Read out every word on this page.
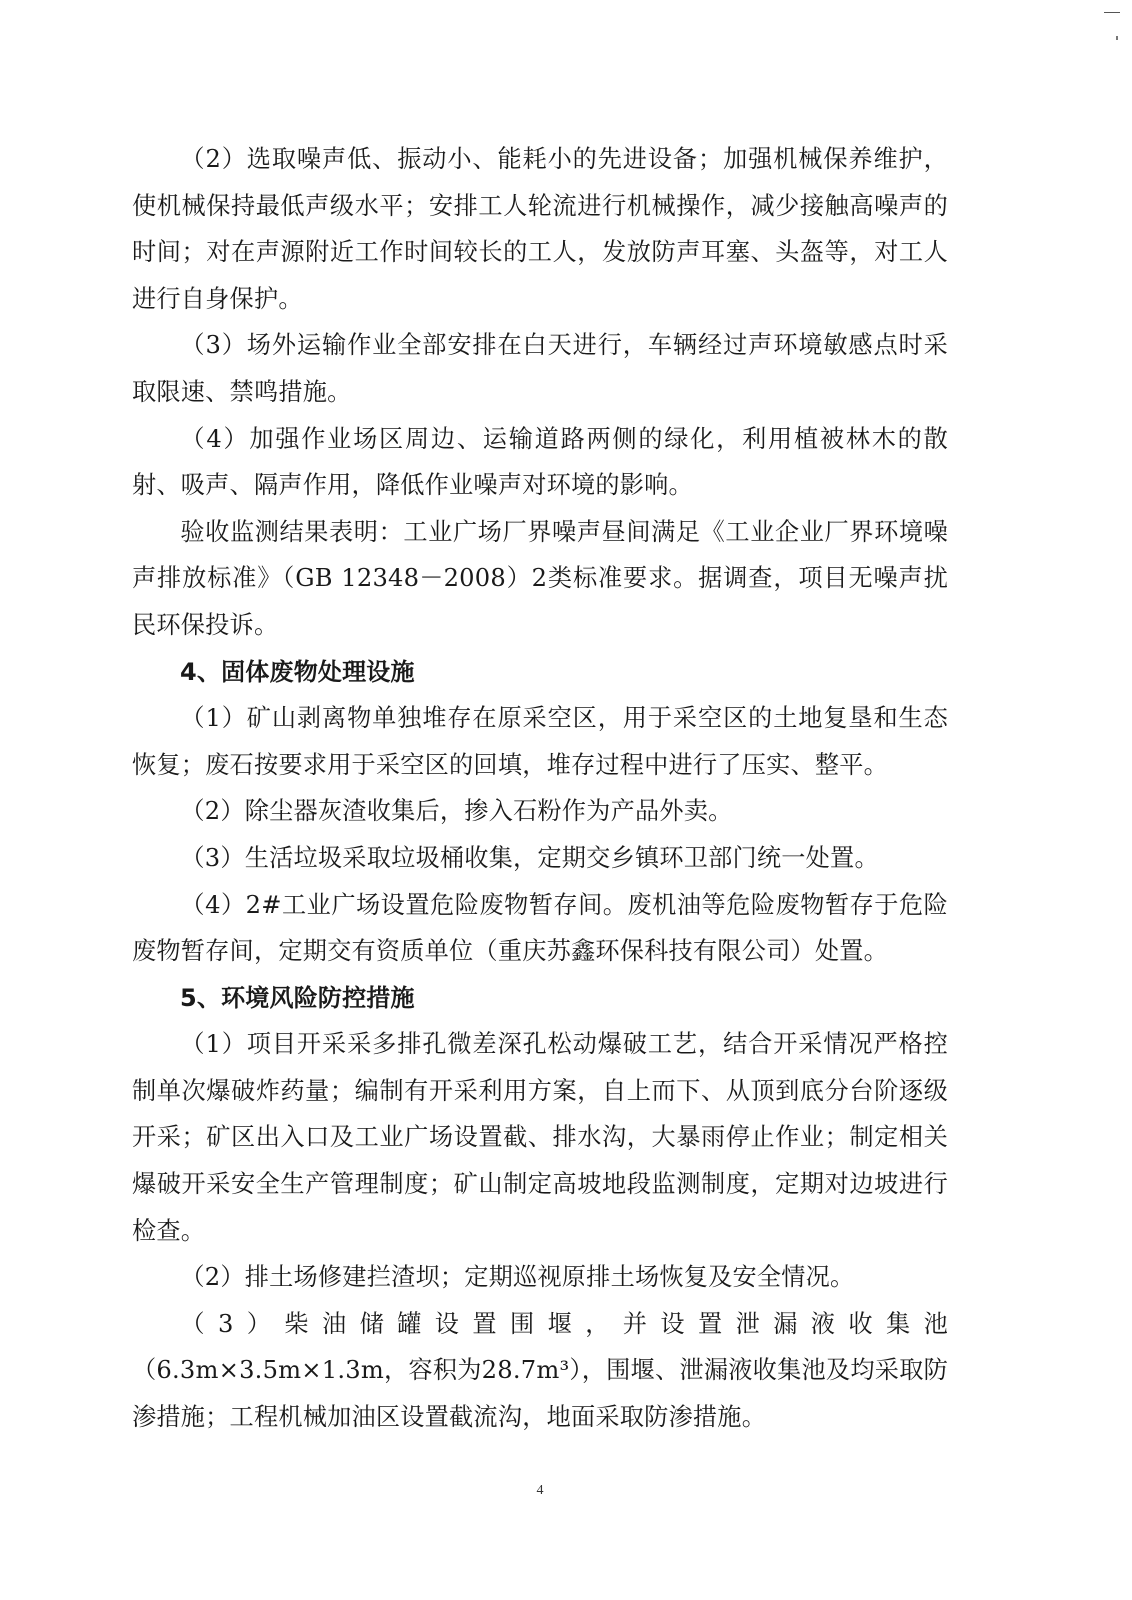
（2）选取噪声低、振动小、能耗小的先进设备；加强机械保养维护，使机械保持最低声级水平；安排工人轮流进行机械操作，减少接触高噪声的时间；对在声源附近工作时间较长的工人，发放防声耳塞、头盔等，对工人进行自身保护。

（3）场外运输作业全部安排在白天进行，车辆经过声环境敏感点时采取限速、禁鸣措施。

（4）加强作业场区周边、运输道路两侧的绿化，利用植被林木的散射、吸声、隔声作用，降低作业噪声对环境的影响。

验收监测结果表明：工业广场厂界噪声昼间满足《工业企业厂界环境噪声排放标准》（GB 12348－2008）2类标准要求。据调查，项目无噪声扰民环保投诉。

4、固体废物处理设施

（1）矿山剥离物单独堆存在原采空区，用于采空区的土地复垦和生态恢复；废石按要求用于采空区的回填，堆存过程中进行了压实、整平。

（2）除尘器灰渣收集后，掺入石粉作为产品外卖。

（3）生活垃圾采取垃圾桶收集，定期交乡镇环卫部门统一处置。

（4）2#工业广场设置危险废物暂存间。废机油等危险废物暂存于危险废物暂存间，定期交有资质单位（重庆苏鑫环保科技有限公司）处置。

5、环境风险防控措施

（1）项目开采采多排孔微差深孔松动爆破工艺，结合开采情况严格控制单次爆破炸药量；编制有开采利用方案，自上而下、从顶到底分台阶逐级开采；矿区出入口及工业广场设置截、排水沟，大暴雨停止作业；制定相关爆破开采安全生产管理制度；矿山制定高坡地段监测制度，定期对边坡进行检查。

（2）排土场修建拦渣坝；定期巡视原排土场恢复及安全情况。

（3）柴油储罐设置围堰，并设置泄漏液收集池（6.3m×3.5m×1.3m，容积为28.7m³），围堰、泄漏液收集池及均采取防渗措施；工程机械加油区设置截流沟，地面采取防渗措施。

4
